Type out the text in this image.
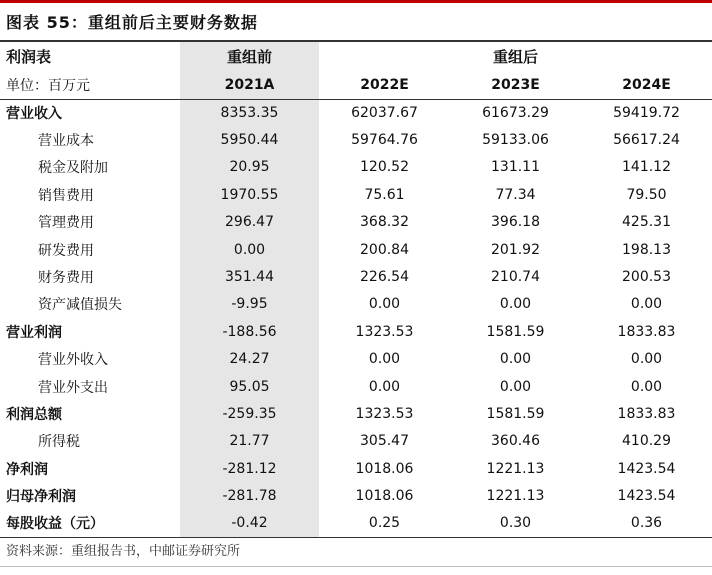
图表 55：重组前后主要财务数据
利润表	重组前	重组后		
单位：百万元	2021A	2022E	2023E	2024E
营业收入	8353.35	62037.67	61673.29	59419.72
营业成本	5950.44	59764.76	59133.06	56617.24
税金及附加	20.95	120.52	131.11	141.12
销售费用	1970.55	75.61	77.34	79.50
管理费用	296.47	368.32	396.18	425.31
研发费用	0.00	200.84	201.92	198.13
财务费用	351.44	226.54	210.74	200.53
资产减值损失	-9.95	0.00	0.00	0.00
营业利润	-188.56	1323.53	1581.59	1833.83
营业外收入	24.27	0.00	0.00	0.00
营业外支出	95.05	0.00	0.00	0.00
利润总额	-259.35	1323.53	1581.59	1833.83
所得税	21.77	305.47	360.46	410.29
净利润	-281.12	1018.06	1221.13	1423.54
归母净利润	-281.78	1018.06	1221.13	1423.54
每股收益（元）	-0.42	0.25	0.30	0.36
资料来源：重组报告书，中邮证券研究所
